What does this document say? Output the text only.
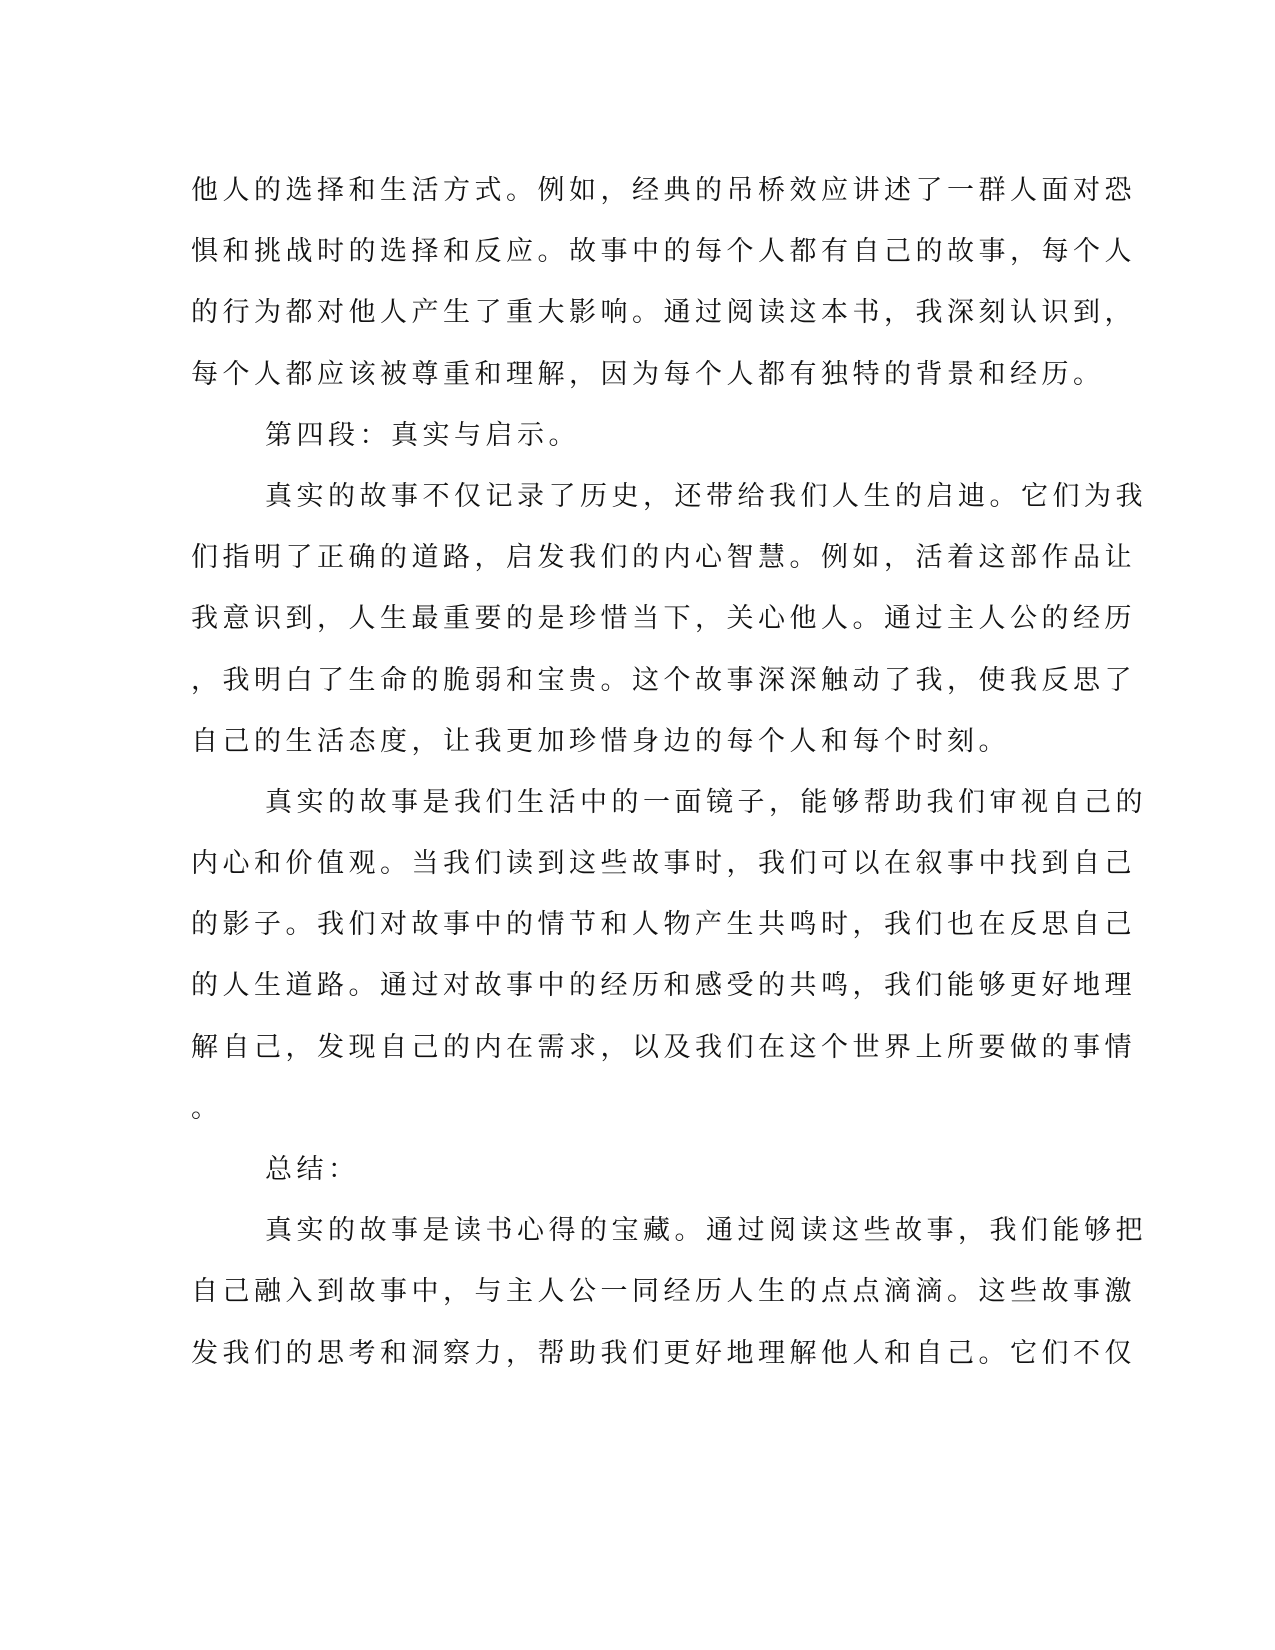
他人的选择和生活方式。例如，经典的吊桥效应讲述了一群人面对恐
惧和挑战时的选择和反应。故事中的每个人都有自己的故事，每个人
的行为都对他人产生了重大影响。通过阅读这本书，我深刻认识到，
每个人都应该被尊重和理解，因为每个人都有独特的背景和经历。
第四段：真实与启示。
真实的故事不仅记录了历史，还带给我们人生的启迪。它们为我
们指明了正确的道路，启发我们的内心智慧。例如，活着这部作品让
我意识到，人生最重要的是珍惜当下，关心他人。通过主人公的经历
，我明白了生命的脆弱和宝贵。这个故事深深触动了我，使我反思了
自己的生活态度，让我更加珍惜身边的每个人和每个时刻。
真实的故事是我们生活中的一面镜子，能够帮助我们审视自己的
内心和价值观。当我们读到这些故事时，我们可以在叙事中找到自己
的影子。我们对故事中的情节和人物产生共鸣时，我们也在反思自己
的人生道路。通过对故事中的经历和感受的共鸣，我们能够更好地理
解自己，发现自己的内在需求，以及我们在这个世界上所要做的事情
。
总结：
真实的故事是读书心得的宝藏。通过阅读这些故事，我们能够把
自己融入到故事中，与主人公一同经历人生的点点滴滴。这些故事激
发我们的思考和洞察力，帮助我们更好地理解他人和自己。它们不仅
